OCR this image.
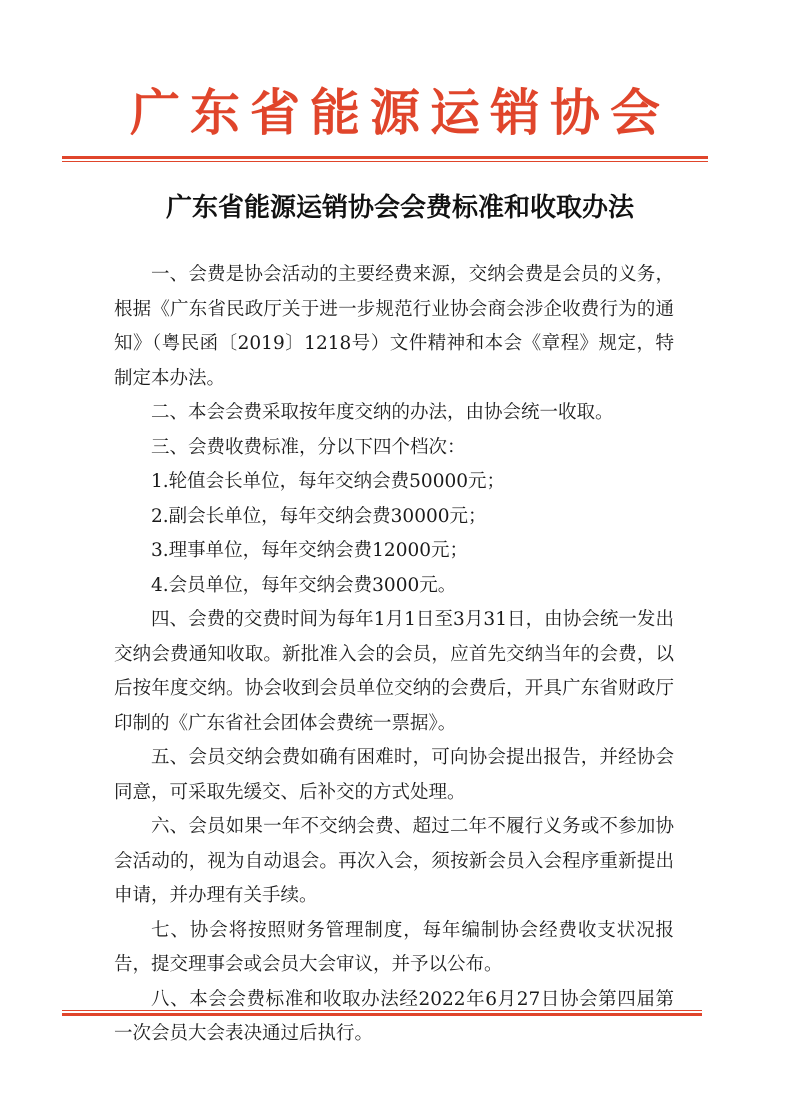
广东省能源运销协会
广东省能源运销协会会费标准和收取办法

一、会费是协会活动的主要经费来源，交纳会费是会员的义务，根据《广东省民政厅关于进一步规范行业协会商会涉企收费行为的通知》（粤民函〔2019〕1218号）文件精神和本会《章程》规定，特制定本办法。

二、本会会费采取按年度交纳的办法，由协会统一收取。

三、会费收费标准，分以下四个档次：

1.轮值会长单位，每年交纳会费50000元；

2.副会长单位，每年交纳会费30000元；

3.理事单位，每年交纳会费12000元；

4.会员单位，每年交纳会费3000元。

四、会费的交费时间为每年1月1日至3月31日，由协会统一发出交纳会费通知收取。新批准入会的会员，应首先交纳当年的会费，以后按年度交纳。协会收到会员单位交纳的会费后，开具广东省财政厅印制的《广东省社会团体会费统一票据》。

五、会员交纳会费如确有困难时，可向协会提出报告，并经协会同意，可采取先缓交、后补交的方式处理。

六、会员如果一年不交纳会费、超过二年不履行义务或不参加协会活动的，视为自动退会。再次入会，须按新会员入会程序重新提出申请，并办理有关手续。

七、协会将按照财务管理制度，每年编制协会经费收支状况报告，提交理事会或会员大会审议，并予以公布。

八、本会会费标准和收取办法经2022年6月27日协会第四届第一次会员大会表决通过后执行。
